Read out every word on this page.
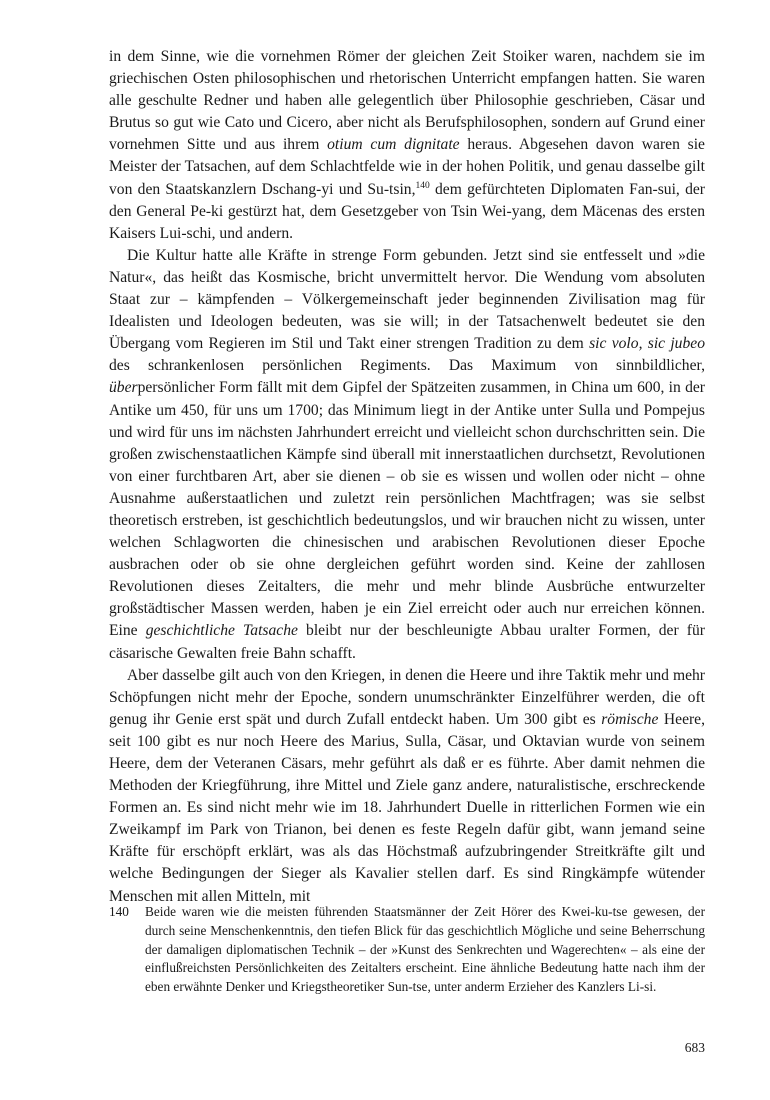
in dem Sinne, wie die vornehmen Römer der gleichen Zeit Stoiker waren, nachdem sie im griechischen Osten philosophischen und rhetorischen Unterricht empfangen hatten. Sie waren alle geschulte Redner und haben alle gelegentlich über Philosophie geschrieben, Cäsar und Brutus so gut wie Cato und Cicero, aber nicht als Berufsphilosophen, sondern auf Grund einer vornehmen Sitte und aus ihrem otium cum dignitate heraus. Abgesehen davon waren sie Meister der Tatsachen, auf dem Schlachtfelde wie in der hohen Politik, und genau dasselbe gilt von den Staatskanzlern Dschang-yi und Su-tsin,$^{140}$ dem gefürchteten Diplomaten Fan-sui, der den General Pe-ki gestürzt hat, dem Gesetzgeber von Tsin Wei-yang, dem Mäcenas des ersten Kaisers Lui-schi, und andern.

Die Kultur hatte alle Kräfte in strenge Form gebunden. Jetzt sind sie entfesselt und »die Natur«, das heißt das Kosmische, bricht unvermittelt hervor. Die Wendung vom absoluten Staat zur – kämpfenden – Völkergemeinschaft jeder beginnenden Zivilisation mag für Idealisten und Ideologen bedeuten, was sie will; in der Tatsachenwelt bedeutet sie den Übergang vom Regieren im Stil und Takt einer strengen Tradition zu dem sic volo, sic jubeo des schrankenlosen persönlichen Regiments. Das Maximum von sinnbildlicher, überpersönlicher Form fällt mit dem Gipfel der Spätzeiten zusammen, in China um 600, in der Antike um 450, für uns um 1700; das Minimum liegt in der Antike unter Sulla und Pompejus und wird für uns im nächsten Jahrhundert erreicht und vielleicht schon durchschritten sein. Die großen zwischenstaatlichen Kämpfe sind überall mit innerstaatlichen durchsetzt, Revolutionen von einer furchtbaren Art, aber sie dienen – ob sie es wissen und wollen oder nicht – ohne Ausnahme außerstaatlichen und zuletzt rein persönlichen Machtfragen; was sie selbst theoretisch erstreben, ist geschichtlich bedeutungslos, und wir brauchen nicht zu wissen, unter welchen Schlagworten die chinesischen und arabischen Revolutionen dieser Epoche ausbrachen oder ob sie ohne dergleichen geführt worden sind. Keine der zahllosen Revolutionen dieses Zeitalters, die mehr und mehr blinde Ausbrüche entwurzelter großstädtischer Massen werden, haben je ein Ziel erreicht oder auch nur erreichen können. Eine geschichtliche Tatsache bleibt nur der beschleunigte Abbau uralter Formen, der für cäsarische Gewalten freie Bahn schafft.

Aber dasselbe gilt auch von den Kriegen, in denen die Heere und ihre Taktik mehr und mehr Schöpfungen nicht mehr der Epoche, sondern unumschränkter Einzelführer werden, die oft genug ihr Genie erst spät und durch Zufall entdeckt haben. Um 300 gibt es römische Heere, seit 100 gibt es nur noch Heere des Marius, Sulla, Cäsar, und Oktavian wurde von seinem Heere, dem der Veteranen Cäsars, mehr geführt als daß er es führte. Aber damit nehmen die Methoden der Kriegführung, ihre Mittel und Ziele ganz andere, naturalistische, erschreckende Formen an. Es sind nicht mehr wie im 18. Jahrhundert Duelle in ritterlichen Formen wie ein Zweikampf im Park von Trianon, bei denen es feste Regeln dafür gibt, wann jemand seine Kräfte für erschöpft erklärt, was als das Höchstmaß aufzubringender Streitkräfte gilt und welche Bedingungen der Sieger als Kavalier stellen darf. Es sind Ringkämpfe wütender Menschen mit allen Mitteln, mit

140	Beide waren wie die meisten führenden Staatsmänner der Zeit Hörer des Kwei-ku-tse gewesen, der durch seine Menschenkenntnis, den tiefen Blick für das geschichtlich Mögliche und seine Beherrschung der damaligen diplomatischen Technik – der »Kunst des Senkrechten und Wagerechten« – als eine der einflußreichsten Persönlichkeiten des Zeitalters erscheint. Eine ähnliche Bedeutung hatte nach ihm der eben erwähnte Denker und Kriegstheoretiker Sun-tse, unter anderm Erzieher des Kanzlers Li-si.
683
